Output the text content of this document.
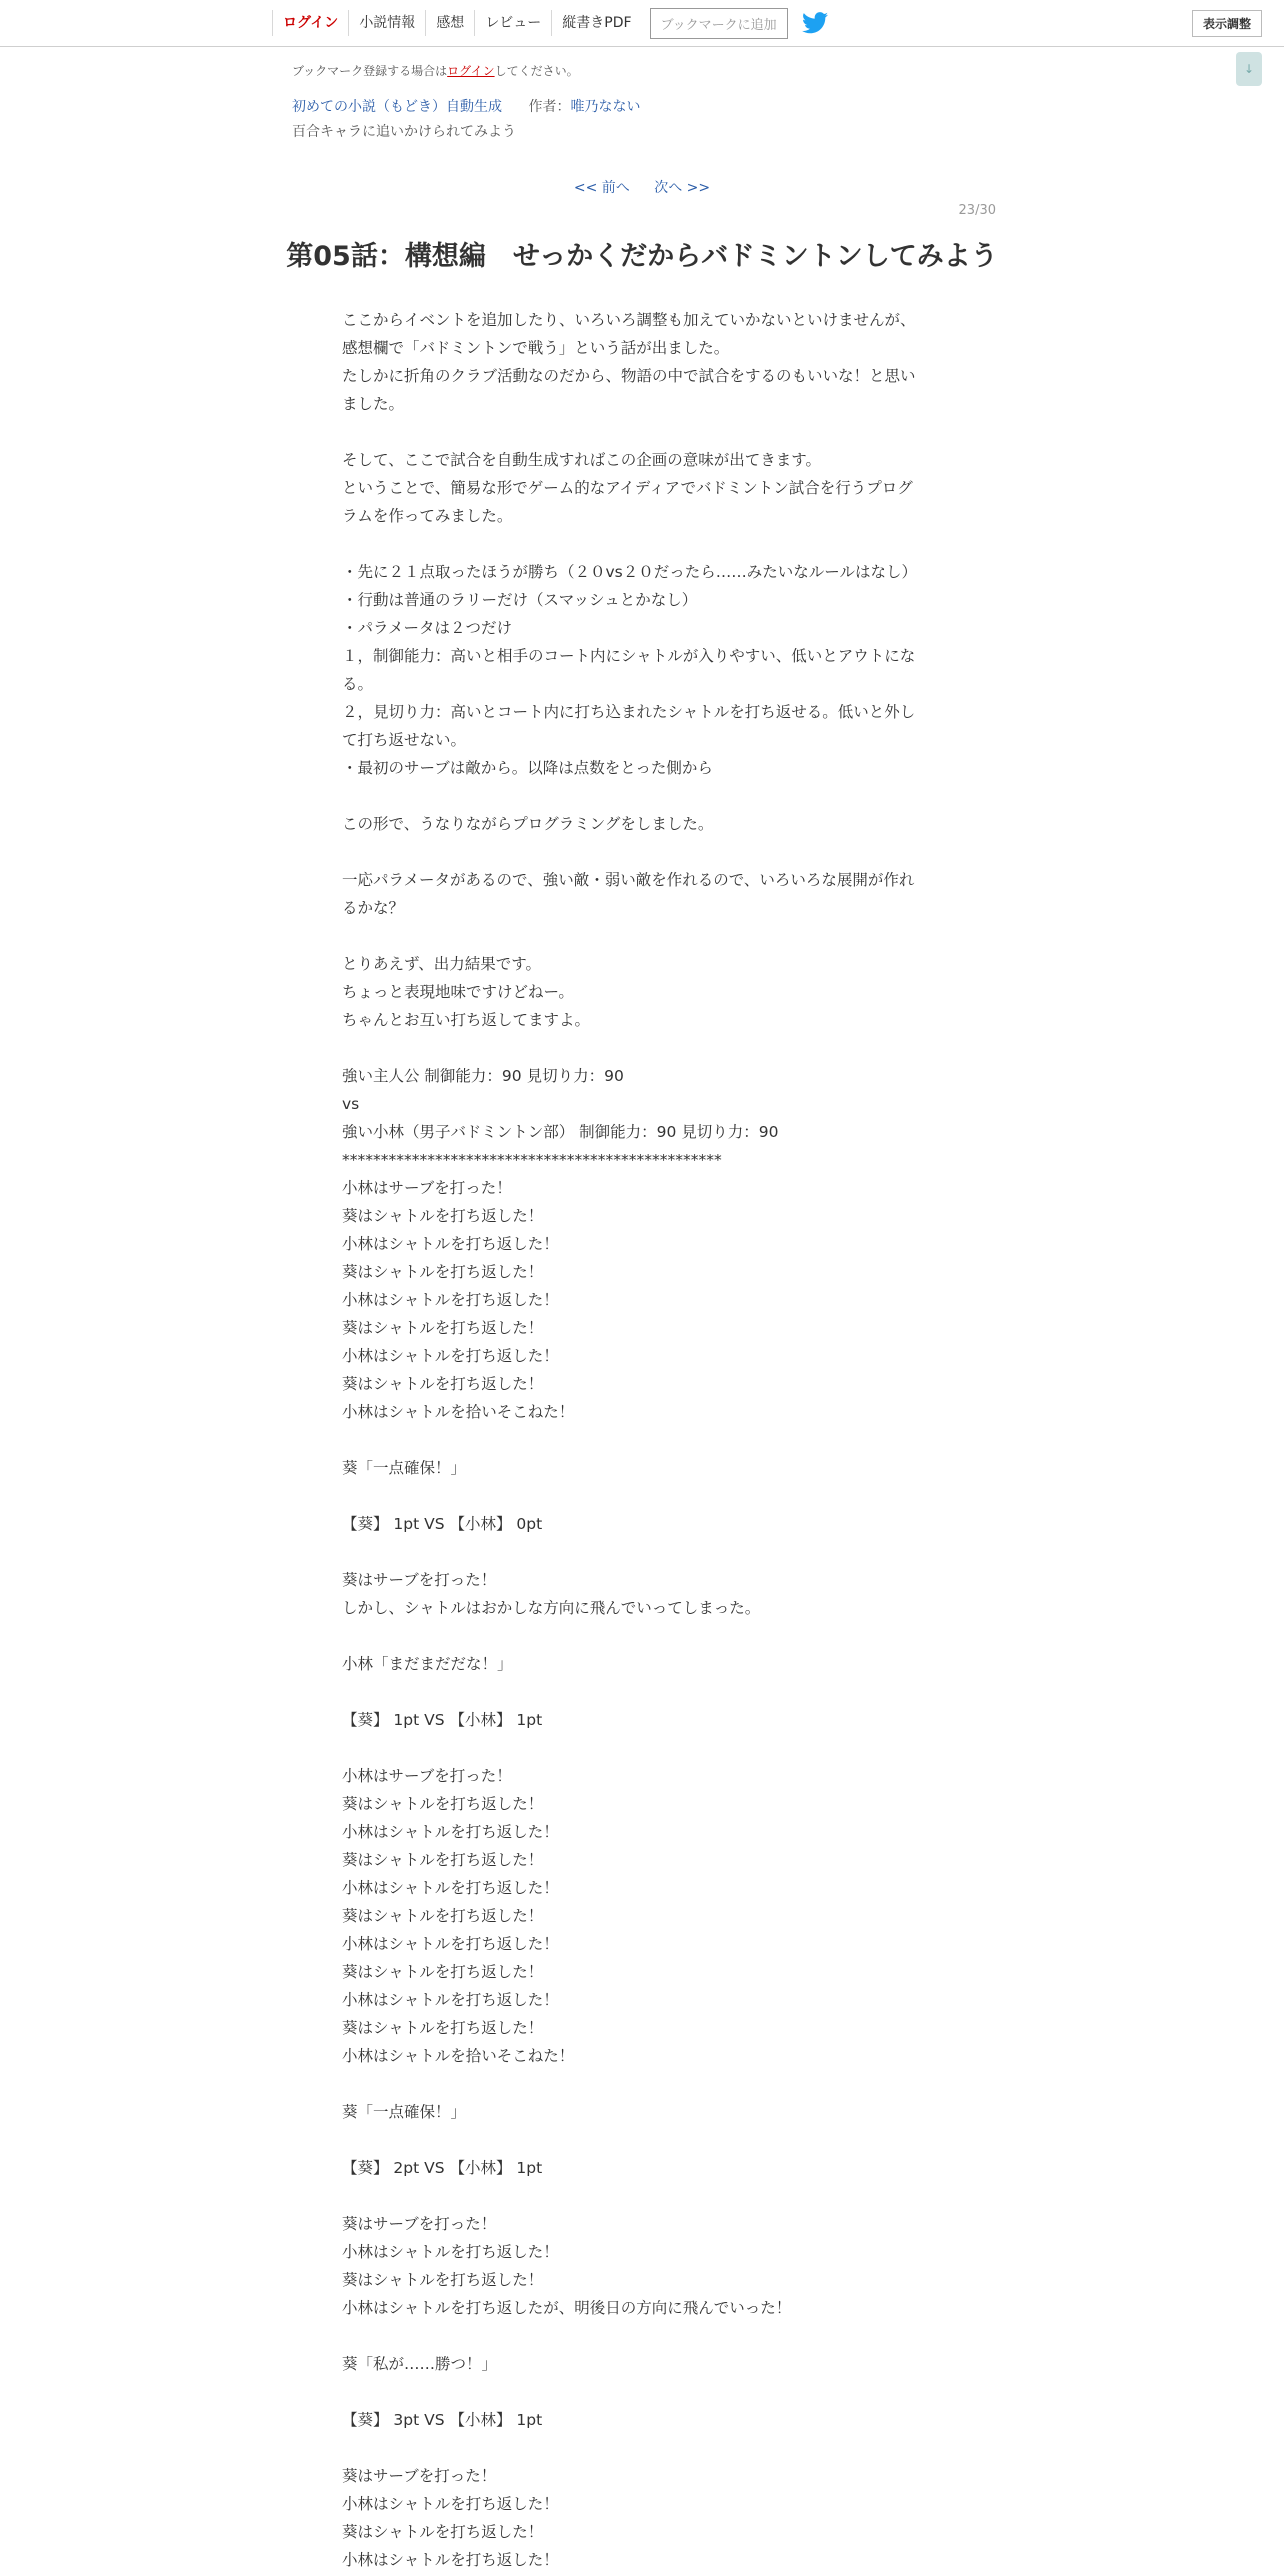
ログイン	小説情報	感想	レビュー	縦書きPDF	ブックマークに追加	表示調整
↓
ブックマーク登録する場合はログインしてください。
初めての小説（もどき）自動生成 作者：唯乃なない
百合キャラに追いかけられてみよう
<< 前へ 次へ >>
23/30
第05話：構想編　せっかくだからバドミントンしてみよう
ここからイベントを追加したり、いろいろ調整も加えていかないといけませんが、
感想欄で「バドミントンで戦う」という話が出ました。
たしかに折角のクラブ活動なのだから、物語の中で試合をするのもいいな！と思い
ました。
そして、ここで試合を自動生成すればこの企画の意味が出てきます。
ということで、簡易な形でゲーム的なアイディアでバドミントン試合を行うプログ
ラムを作ってみました。
・先に２１点取ったほうが勝ち（２０vs２０だったら……みたいなルールはなし）
・行動は普通のラリーだけ（スマッシュとかなし）
・パラメータは２つだけ
１，制御能力：高いと相手のコート内にシャトルが入りやすい、低いとアウトにな
る。
２，見切り力：高いとコート内に打ち込まれたシャトルを打ち返せる。低いと外し
て打ち返せない。
・最初のサーブは敵から。以降は点数をとった側から
この形で、うなりながらプログラミングをしました。
一応パラメータがあるので、強い敵・弱い敵を作れるので、いろいろな展開が作れ
るかな？
とりあえず、出力結果です。
ちょっと表現地味ですけどねー。
ちゃんとお互い打ち返してますよ。
強い主人公 制御能力：90 見切り力：90
vs
強い小林（男子バドミントン部） 制御能力：90 見切り力：90
*************************************************
小林はサーブを打った！
葵はシャトルを打ち返した！
小林はシャトルを打ち返した！
葵はシャトルを打ち返した！
小林はシャトルを打ち返した！
葵はシャトルを打ち返した！
小林はシャトルを打ち返した！
葵はシャトルを打ち返した！
小林はシャトルを拾いそこねた！
葵「一点確保！」
【葵】 1pt VS 【小林】 0pt
葵はサーブを打った！
しかし、シャトルはおかしな方向に飛んでいってしまった。
小林「まだまだだな！」
【葵】 1pt VS 【小林】 1pt
小林はサーブを打った！
葵はシャトルを打ち返した！
小林はシャトルを打ち返した！
葵はシャトルを打ち返した！
小林はシャトルを打ち返した！
葵はシャトルを打ち返した！
小林はシャトルを打ち返した！
葵はシャトルを打ち返した！
小林はシャトルを打ち返した！
葵はシャトルを打ち返した！
小林はシャトルを拾いそこねた！
葵「一点確保！」
【葵】 2pt VS 【小林】 1pt
葵はサーブを打った！
小林はシャトルを打ち返した！
葵はシャトルを打ち返した！
小林はシャトルを打ち返したが、明後日の方向に飛んでいった！
葵「私が……勝つ！」
【葵】 3pt VS 【小林】 1pt
葵はサーブを打った！
小林はシャトルを打ち返した！
葵はシャトルを打ち返した！
小林はシャトルを打ち返した！
